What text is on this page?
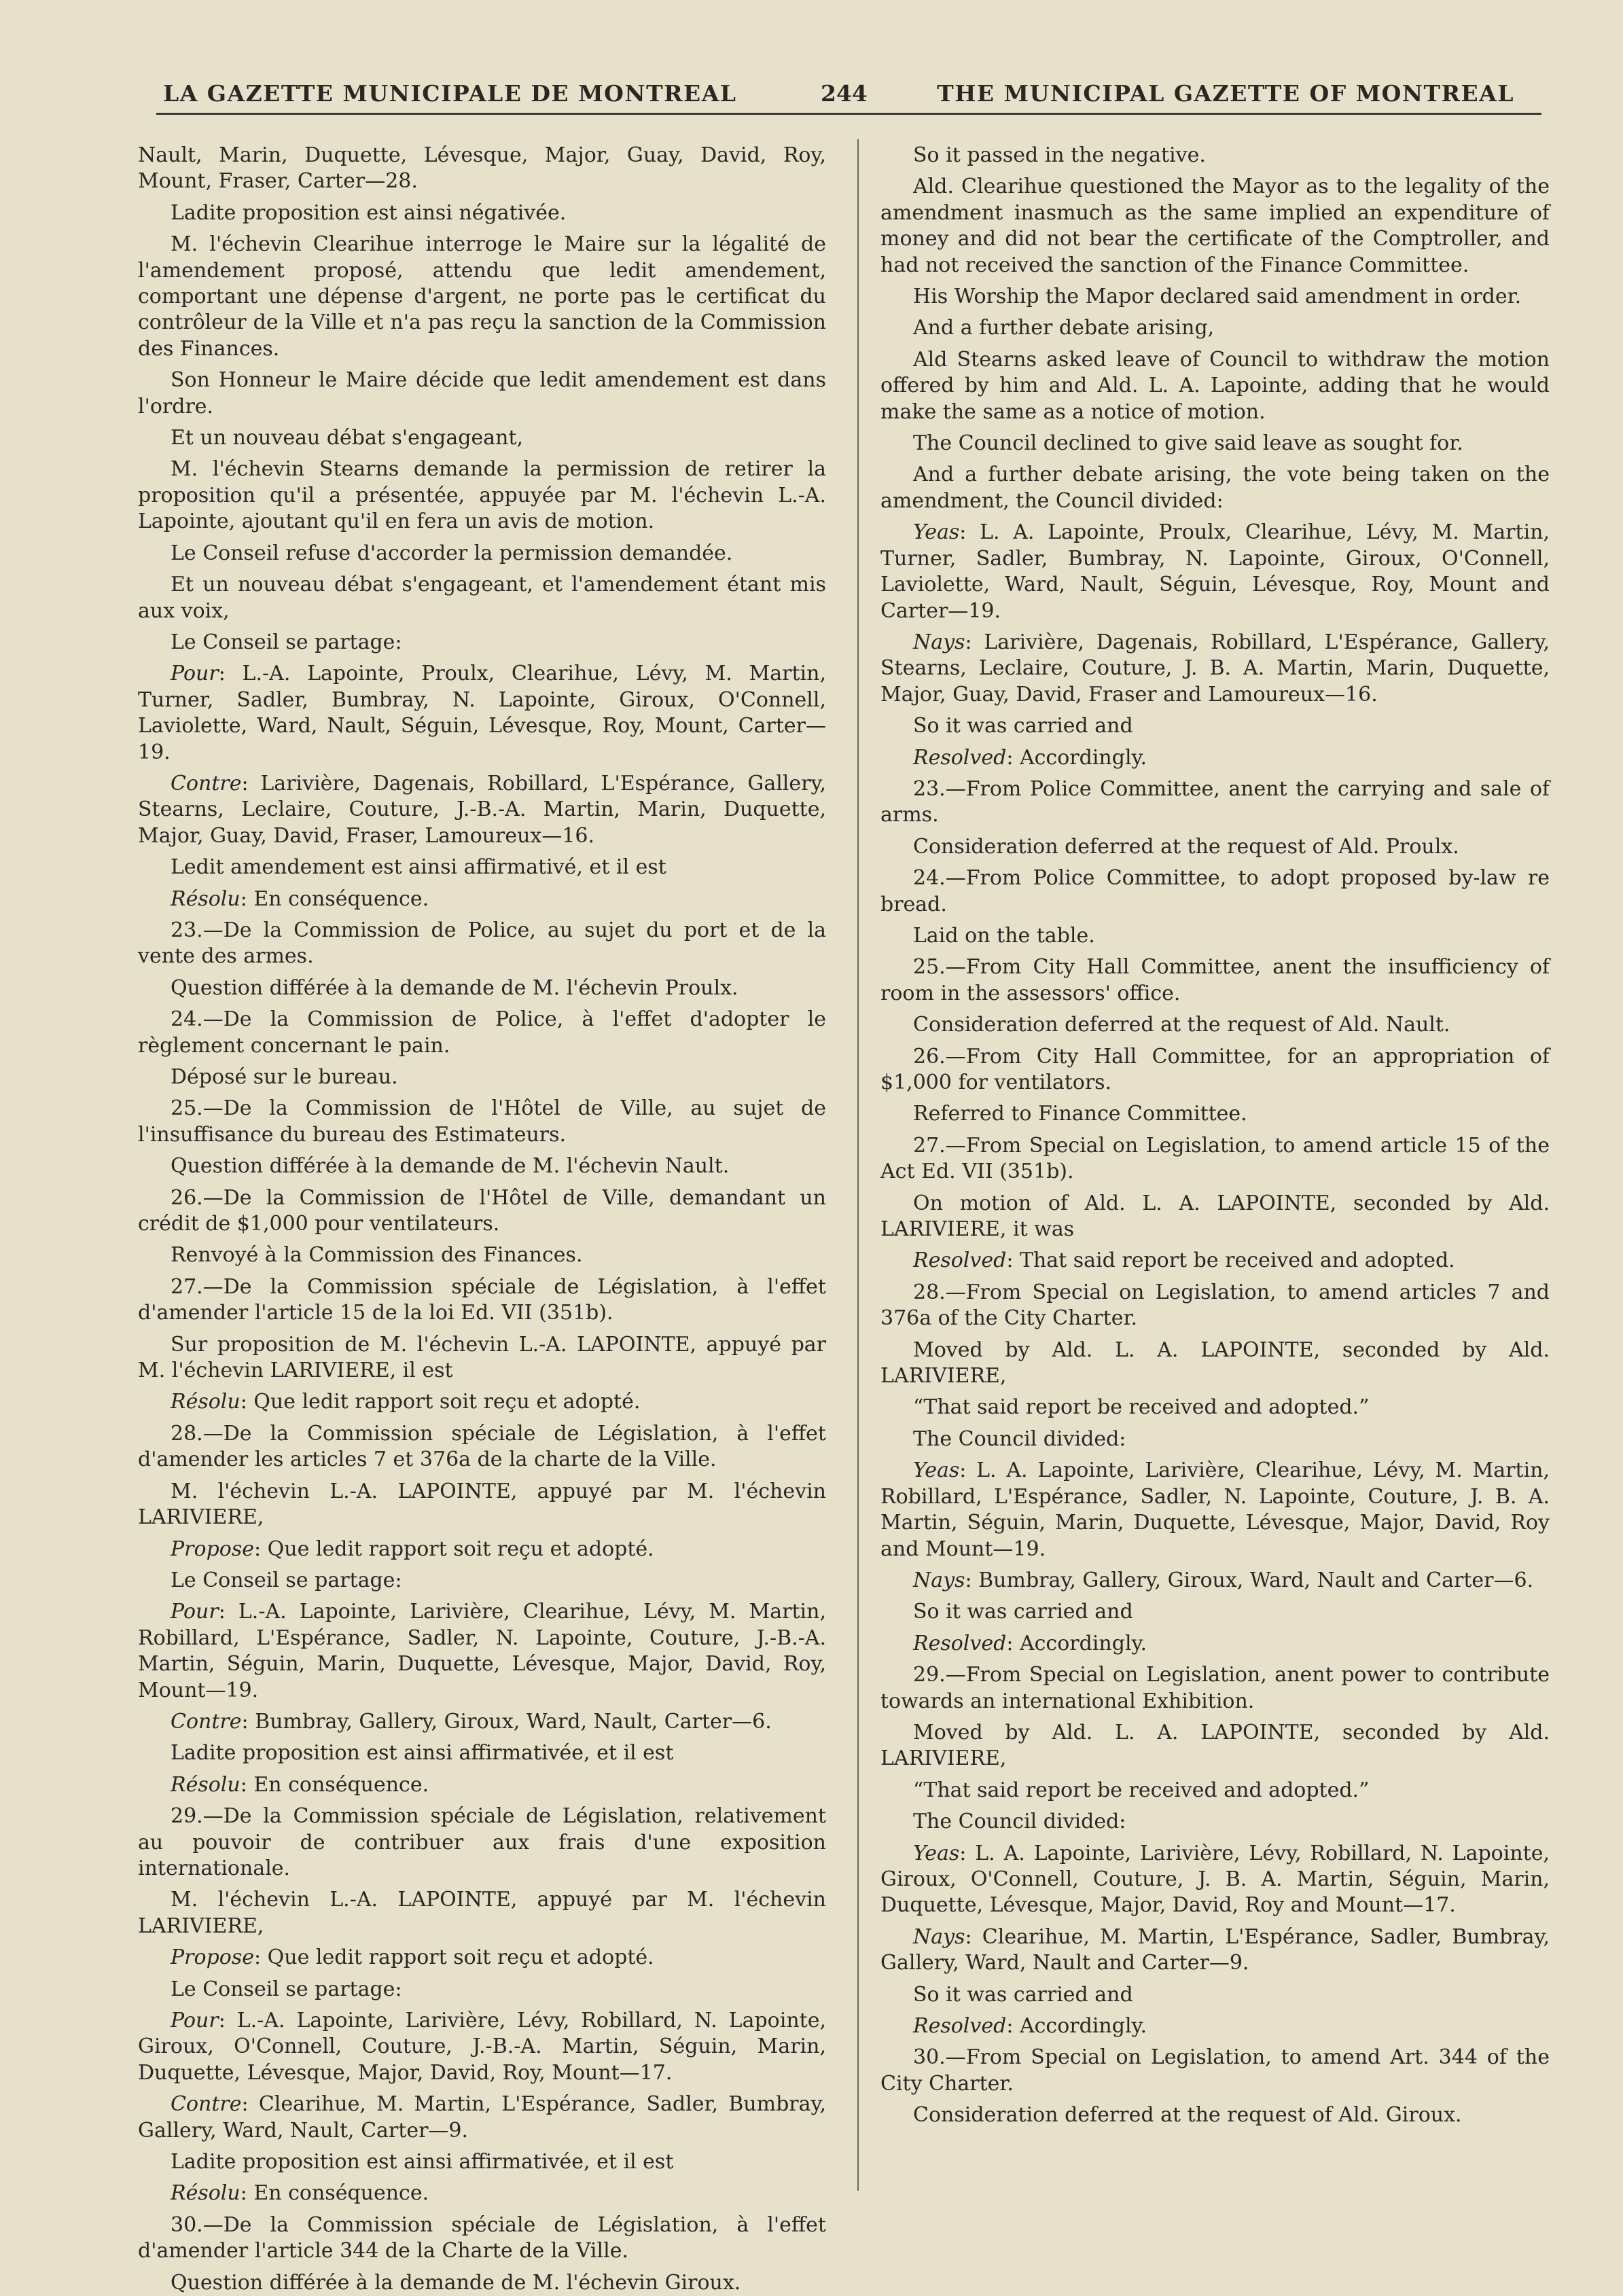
LA GAZETTE MUNICIPALE DE MONTREAL	244	THE MUNICIPAL GAZETTE OF MONTREAL

Nault, Marin, Duquette, Lévesque, Major, Guay, David, Roy, Mount, Fraser, Carter—28.

Ladite proposition est ainsi négativée.

M. l'échevin Clearihue interroge le Maire sur la légalité de l'amendement proposé, attendu que ledit amendement, comportant une dépense d'argent, ne porte pas le certificat du contrôleur de la Ville et n'a pas reçu la sanction de la Commission des Finances.

Son Honneur le Maire décide que ledit amendement est dans l'ordre.

Et un nouveau débat s'engageant,

M. l'échevin Stearns demande la permission de retirer la proposition qu'il a présentée, appuyée par M. l'échevin L.-A. Lapointe, ajoutant qu'il en fera un avis de motion.

Le Conseil refuse d'accorder la permission demandée.

Et un nouveau débat s'engageant, et l'amendement étant mis aux voix,

Le Conseil se partage:

Pour: L.-A. Lapointe, Proulx, Clearihue, Lévy, M. Martin, Turner, Sadler, Bumbray, N. Lapointe, Giroux, O'Connell, Laviolette, Ward, Nault, Séguin, Lévesque, Roy, Mount, Carter—19.

Contre: Larivière, Dagenais, Robillard, L'Espérance, Gallery, Stearns, Leclaire, Couture, J.-B.-A. Martin, Marin, Duquette, Major, Guay, David, Fraser, Lamoureux—16.

Ledit amendement est ainsi affirmativé, et il est

Résolu: En conséquence.

23.—De la Commission de Police, au sujet du port et de la vente des armes.

Question différée à la demande de M. l'échevin Proulx.

24.—De la Commission de Police, à l'effet d'adopter le règlement concernant le pain.

Déposé sur le bureau.

25.—De la Commission de l'Hôtel de Ville, au sujet de l'insuffisance du bureau des Estimateurs.

Question différée à la demande de M. l'échevin Nault.

26.—De la Commission de l'Hôtel de Ville, demandant un crédit de $1,000 pour ventilateurs.

Renvoyé à la Commission des Finances.

27.—De la Commission spéciale de Législation, à l'effet d'amender l'article 15 de la loi Ed. VII (351b).

Sur proposition de M. l'échevin L.-A. LAPOINTE, appuyé par M. l'échevin LARIVIERE, il est

Résolu: Que ledit rapport soit reçu et adopté.

28.—De la Commission spéciale de Législation, à l'effet d'amender les articles 7 et 376a de la charte de la Ville.

M. l'échevin L.-A. LAPOINTE, appuyé par M. l'échevin LARIVIERE,

Propose: Que ledit rapport soit reçu et adopté.

Le Conseil se partage:

Pour: L.-A. Lapointe, Larivière, Clearihue, Lévy, M. Martin, Robillard, L'Espérance, Sadler, N. Lapointe, Couture, J.-B.-A. Martin, Séguin, Marin, Duquette, Lévesque, Major, David, Roy, Mount—19.

Contre: Bumbray, Gallery, Giroux, Ward, Nault, Carter—6.

Ladite proposition est ainsi affirmativée, et il est

Résolu: En conséquence.

29.—De la Commission spéciale de Législation, relativement au pouvoir de contribuer aux frais d'une exposition internationale.

M. l'échevin L.-A. LAPOINTE, appuyé par M. l'échevin LARIVIERE,

Propose: Que ledit rapport soit reçu et adopté.

Le Conseil se partage:

Pour: L.-A. Lapointe, Larivière, Lévy, Robillard, N. Lapointe, Giroux, O'Connell, Couture, J.-B.-A. Martin, Séguin, Marin, Duquette, Lévesque, Major, David, Roy, Mount—17.

Contre: Clearihue, M. Martin, L'Espérance, Sadler, Bumbray, Gallery, Ward, Nault, Carter—9.

Ladite proposition est ainsi affirmativée, et il est

Résolu: En conséquence.

30.—De la Commission spéciale de Législation, à l'effet d'amender l'article 344 de la Charte de la Ville.

Question différée à la demande de M. l'échevin Giroux.

So it passed in the negative.

Ald. Clearihue questioned the Mayor as to the legality of the amendment inasmuch as the same implied an expenditure of money and did not bear the certificate of the Comptroller, and had not received the sanction of the Finance Committee.

His Worship the Mapor declared said amendment in order.

And a further debate arising,

Ald Stearns asked leave of Council to withdraw the motion offered by him and Ald. L. A. Lapointe, adding that he would make the same as a notice of motion.

The Council declined to give said leave as sought for.

And a further debate arising, the vote being taken on the amendment, the Council divided:

Yeas: L. A. Lapointe, Proulx, Clearihue, Lévy, M. Martin, Turner, Sadler, Bumbray, N. Lapointe, Giroux, O'Connell, Laviolette, Ward, Nault, Séguin, Lévesque, Roy, Mount and Carter—19.

Nays: Larivière, Dagenais, Robillard, L'Espérance, Gallery, Stearns, Leclaire, Couture, J. B. A. Martin, Marin, Duquette, Major, Guay, David, Fraser and Lamoureux—16.

So it was carried and

Resolved: Accordingly.

23.—From Police Committee, anent the carrying and sale of arms.

Consideration deferred at the request of Ald. Proulx.

24.—From Police Committee, to adopt proposed by-law re bread.

Laid on the table.

25.—From City Hall Committee, anent the insufficiency of room in the assessors' office.

Consideration deferred at the request of Ald. Nault.

26.—From City Hall Committee, for an appropriation of $1,000 for ventilators.

Referred to Finance Committee.

27.—From Special on Legislation, to amend article 15 of the Act Ed. VII (351b).

On motion of Ald. L. A. LAPOINTE, seconded by Ald. LARIVIERE, it was

Resolved: That said report be received and adopted.

28.—From Special on Legislation, to amend articles 7 and 376a of the City Charter.

Moved by Ald. L. A. LAPOINTE, seconded by Ald. LARIVIERE,

“That said report be received and adopted.”

The Council divided:

Yeas: L. A. Lapointe, Larivière, Clearihue, Lévy, M. Martin, Robillard, L'Espérance, Sadler, N. Lapointe, Couture, J. B. A. Martin, Séguin, Marin, Duquette, Lévesque, Major, David, Roy and Mount—19.

Nays: Bumbray, Gallery, Giroux, Ward, Nault and Carter—6.

So it was carried and

Resolved: Accordingly.

29.—From Special on Legislation, anent power to contribute towards an international Exhibition.

Moved by Ald. L. A. LAPOINTE, seconded by Ald. LARIVIERE,

“That said report be received and adopted.”

The Council divided:

Yeas: L. A. Lapointe, Larivière, Lévy, Robillard, N. Lapointe, Giroux, O'Connell, Couture, J. B. A. Martin, Séguin, Marin, Duquette, Lévesque, Major, David, Roy and Mount—17.

Nays: Clearihue, M. Martin, L'Espérance, Sadler, Bumbray, Gallery, Ward, Nault and Carter—9.

So it was carried and

Resolved: Accordingly.

30.—From Special on Legislation, to amend Art. 344 of the City Charter.

Consideration deferred at the request of Ald. Giroux.
